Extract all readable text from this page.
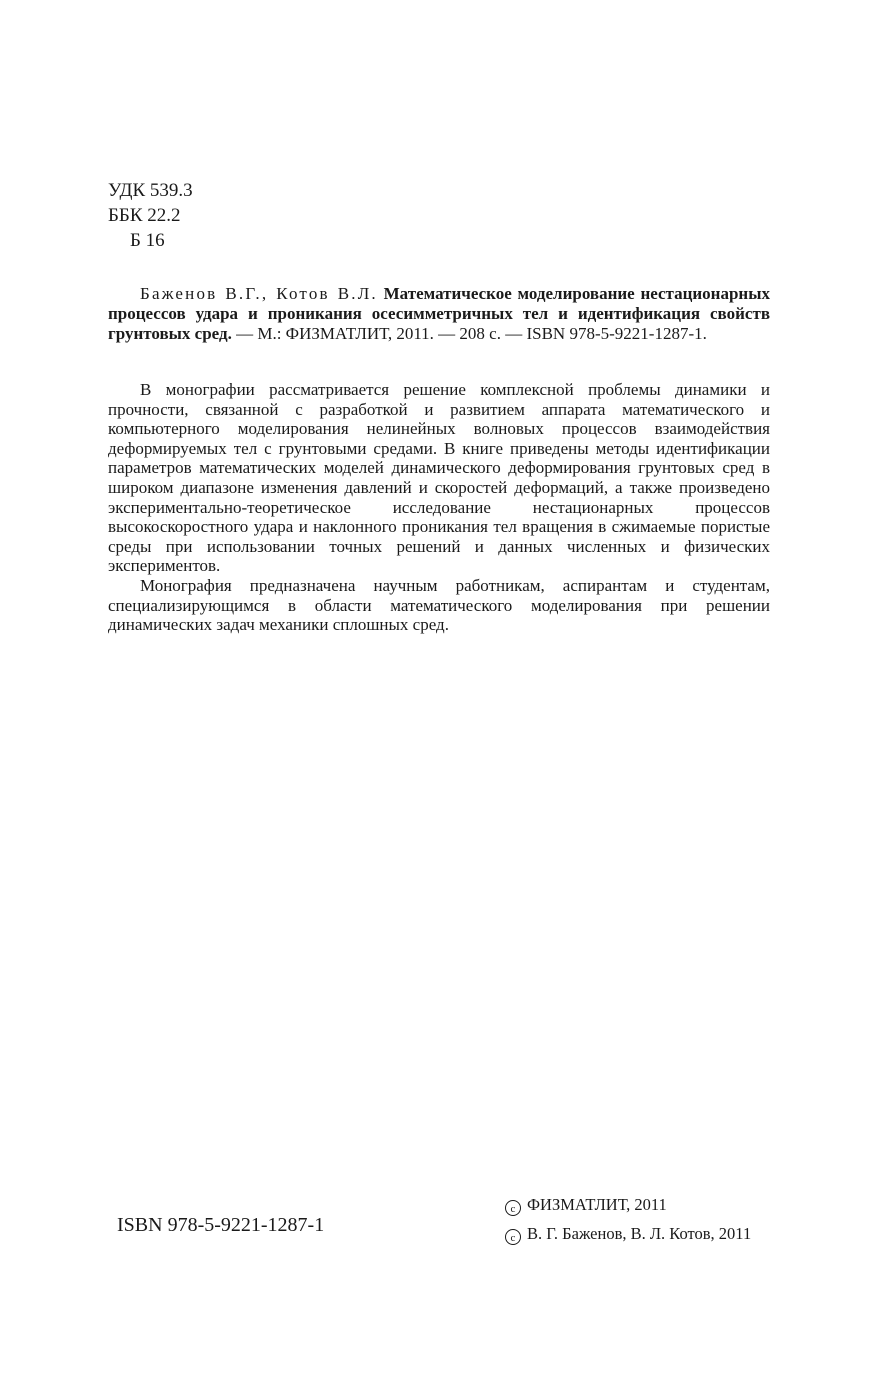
УДК 539.3
ББК 22.2
Б 16
Баженов В.Г., Котов В.Л. Математическое моделирование нестационарных процессов удара и проникания осесимметричных тел и идентификация свойств грунтовых сред. — М.: ФИЗМАТЛИТ, 2011. — 208 с. — ISBN 978-5-9221-1287-1.

В монографии рассматривается решение комплексной проблемы динамики и прочности, связанной с разработкой и развитием аппарата математического и компьютерного моделирования нелинейных волновых процессов взаимодействия деформируемых тел с грунтовыми средами. В книге приведены методы идентификации параметров математических моделей динамического деформирования грунтовых сред в широком диапазоне изменения давлений и скоростей деформаций, а также произведено экспериментально-теоретическое исследование нестационарных процессов высокоскоростного удара и наклонного проникания тел вращения в сжимаемые пористые среды при использовании точных решений и данных численных и физических экспериментов.

Монография предназначена научным работникам, аспирантам и студентам, специализирующимся в области математического моделирования при решении динамических задач механики сплошных сред.

ISBN 978-5-9221-1287-1
c ФИЗМАТЛИТ, 2011
c В. Г. Баженов, В. Л. Котов, 2011
